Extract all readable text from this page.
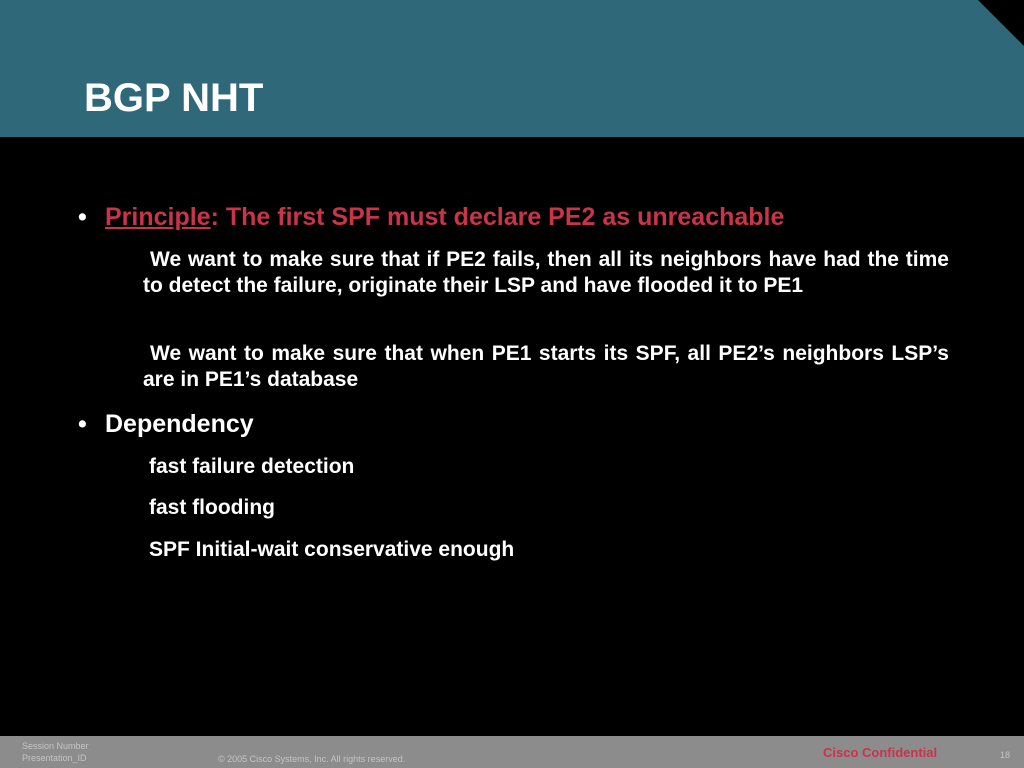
BGP NHT
• Principle: The first SPF must declare PE2 as unreachable

We want to make sure that if PE2 fails, then all its neighbors have had the time to detect the failure, originate their LSP and have flooded it to PE1

We want to make sure that when PE1 starts its SPF, all PE2’s neighbors LSP’s are in PE1’s database

• Dependency

fast failure detection

fast flooding

SPF Initial-wait conservative enough

Session Number
Presentation_ID	© 2005 Cisco Systems, Inc. All rights reserved.	Cisco Confidential	18
